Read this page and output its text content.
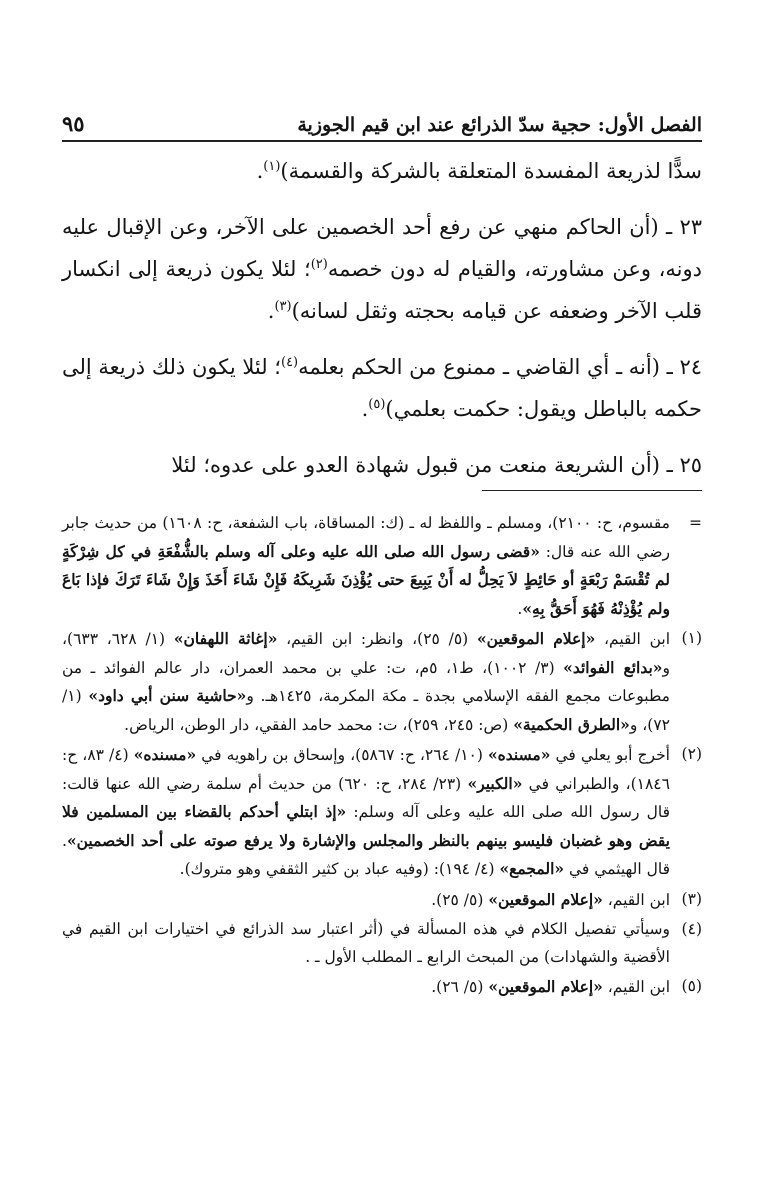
الفصل الأول: حجية سدّ الذرائع عند ابن قيم الجوزية
٩٥

سدًّا لذريعة المفسدة المتعلقة بالشركة والقسمة)$^{(١)}$.

٢٣ ـ (أن الحاكم منهي عن رفع أحد الخصمين على الآخر، وعن الإقبال عليه دونه، وعن مشاورته، والقيام له دون خصمه$^{(٢)}$؛ لئلا يكون ذريعة إلى انكسار قلب الآخر وضعفه عن قيامه بحجته وثقل لسانه)$^{(٣)}$.

٢٤ ـ (أنه ـ أي القاضي ـ ممنوع من الحكم بعلمه$^{(٤)}$؛ لئلا يكون ذلك ذريعة إلى حكمه بالباطل ويقول: حكمت بعلمي)$^{(٥)}$.

٢٥ ـ (أن الشريعة منعت من قبول شهادة العدو على عدوه؛ لئلا

=
مقسوم، ح: ٢١٠٠)، ومسلم ـ واللفظ له ـ (ك: المساقاة، باب الشفعة، ح: ١٦٠٨) من حديث جابر رضي الله عنه قال: «قضى رسول الله صلى الله عليه وعلى آله وسلم بالشُّفْعَةِ في كل شِرْكَةٍ لم تُقْسَمْ رَبْعَةٍ أو حَائِطٍ لاَ يَحِلُّ له أَنْ يَبِيعَ حتى يُؤْذِنَ شَرِيكَهُ فَإِنْ شَاءَ أَخَذَ وَإِنْ شَاءَ تَرَكَ فإذا بَاعَ ولم يُؤْذِنْهُ فَهُوَ أَحَقُّ بِهِ».
(١)
ابن القيم، «إعلام الموقعين» (٥/ ٢٥)، وانظر: ابن القيم، «إغاثة اللهفان» (١/ ٦٢٨، ٦٣٣)، و«بدائع الفوائد» (٣/ ١٠٠٢)، ط١، ٥م، ت: علي بن محمد العمران، دار عالم الفوائد ـ من مطبوعات مجمع الفقه الإسلامي بجدة ـ مكة المكرمة، ١٤٢٥هـ. و«حاشية سنن أبي داود» (١/ ٧٢)، و«الطرق الحكمية» (ص: ٢٤٥، ٢٥٩)، ت: محمد حامد الفقي، دار الوطن، الرياض.
(٢)
أخرج أبو يعلي في «مسنده» (١٠/ ٢٦٤، ح: ٥٨٦٧)، وإسحاق بن راهويه في «مسنده» (٤/ ٨٣، ح: ١٨٤٦)، والطبراني في «الكبير» (٢٣/ ٢٨٤، ح: ٦٢٠) من حديث أم سلمة رضي الله عنها قالت: قال رسول الله صلى الله عليه وعلى آله وسلم: «إذ ابتلي أحدكم بالقضاء بين المسلمين فلا يقض وهو غضبان فليسو بينهم بالنظر والمجلس والإشارة ولا يرفع صوته على أحد الخصمين». قال الهيثمي في «المجمع» (٤/ ١٩٤): (وفيه عباد بن كثير الثقفي وهو متروك).
(٣)
ابن القيم، «إعلام الموقعين» (٥/ ٢٥).
(٤)
وسيأتي تفصيل الكلام في هذه المسألة في (أثر اعتبار سد الذرائع في اختيارات ابن القيم في الأقضية والشهادات) من المبحث الرابع ـ المطلب الأول ـ .
(٥)
ابن القيم، «إعلام الموقعين» (٥/ ٢٦).
